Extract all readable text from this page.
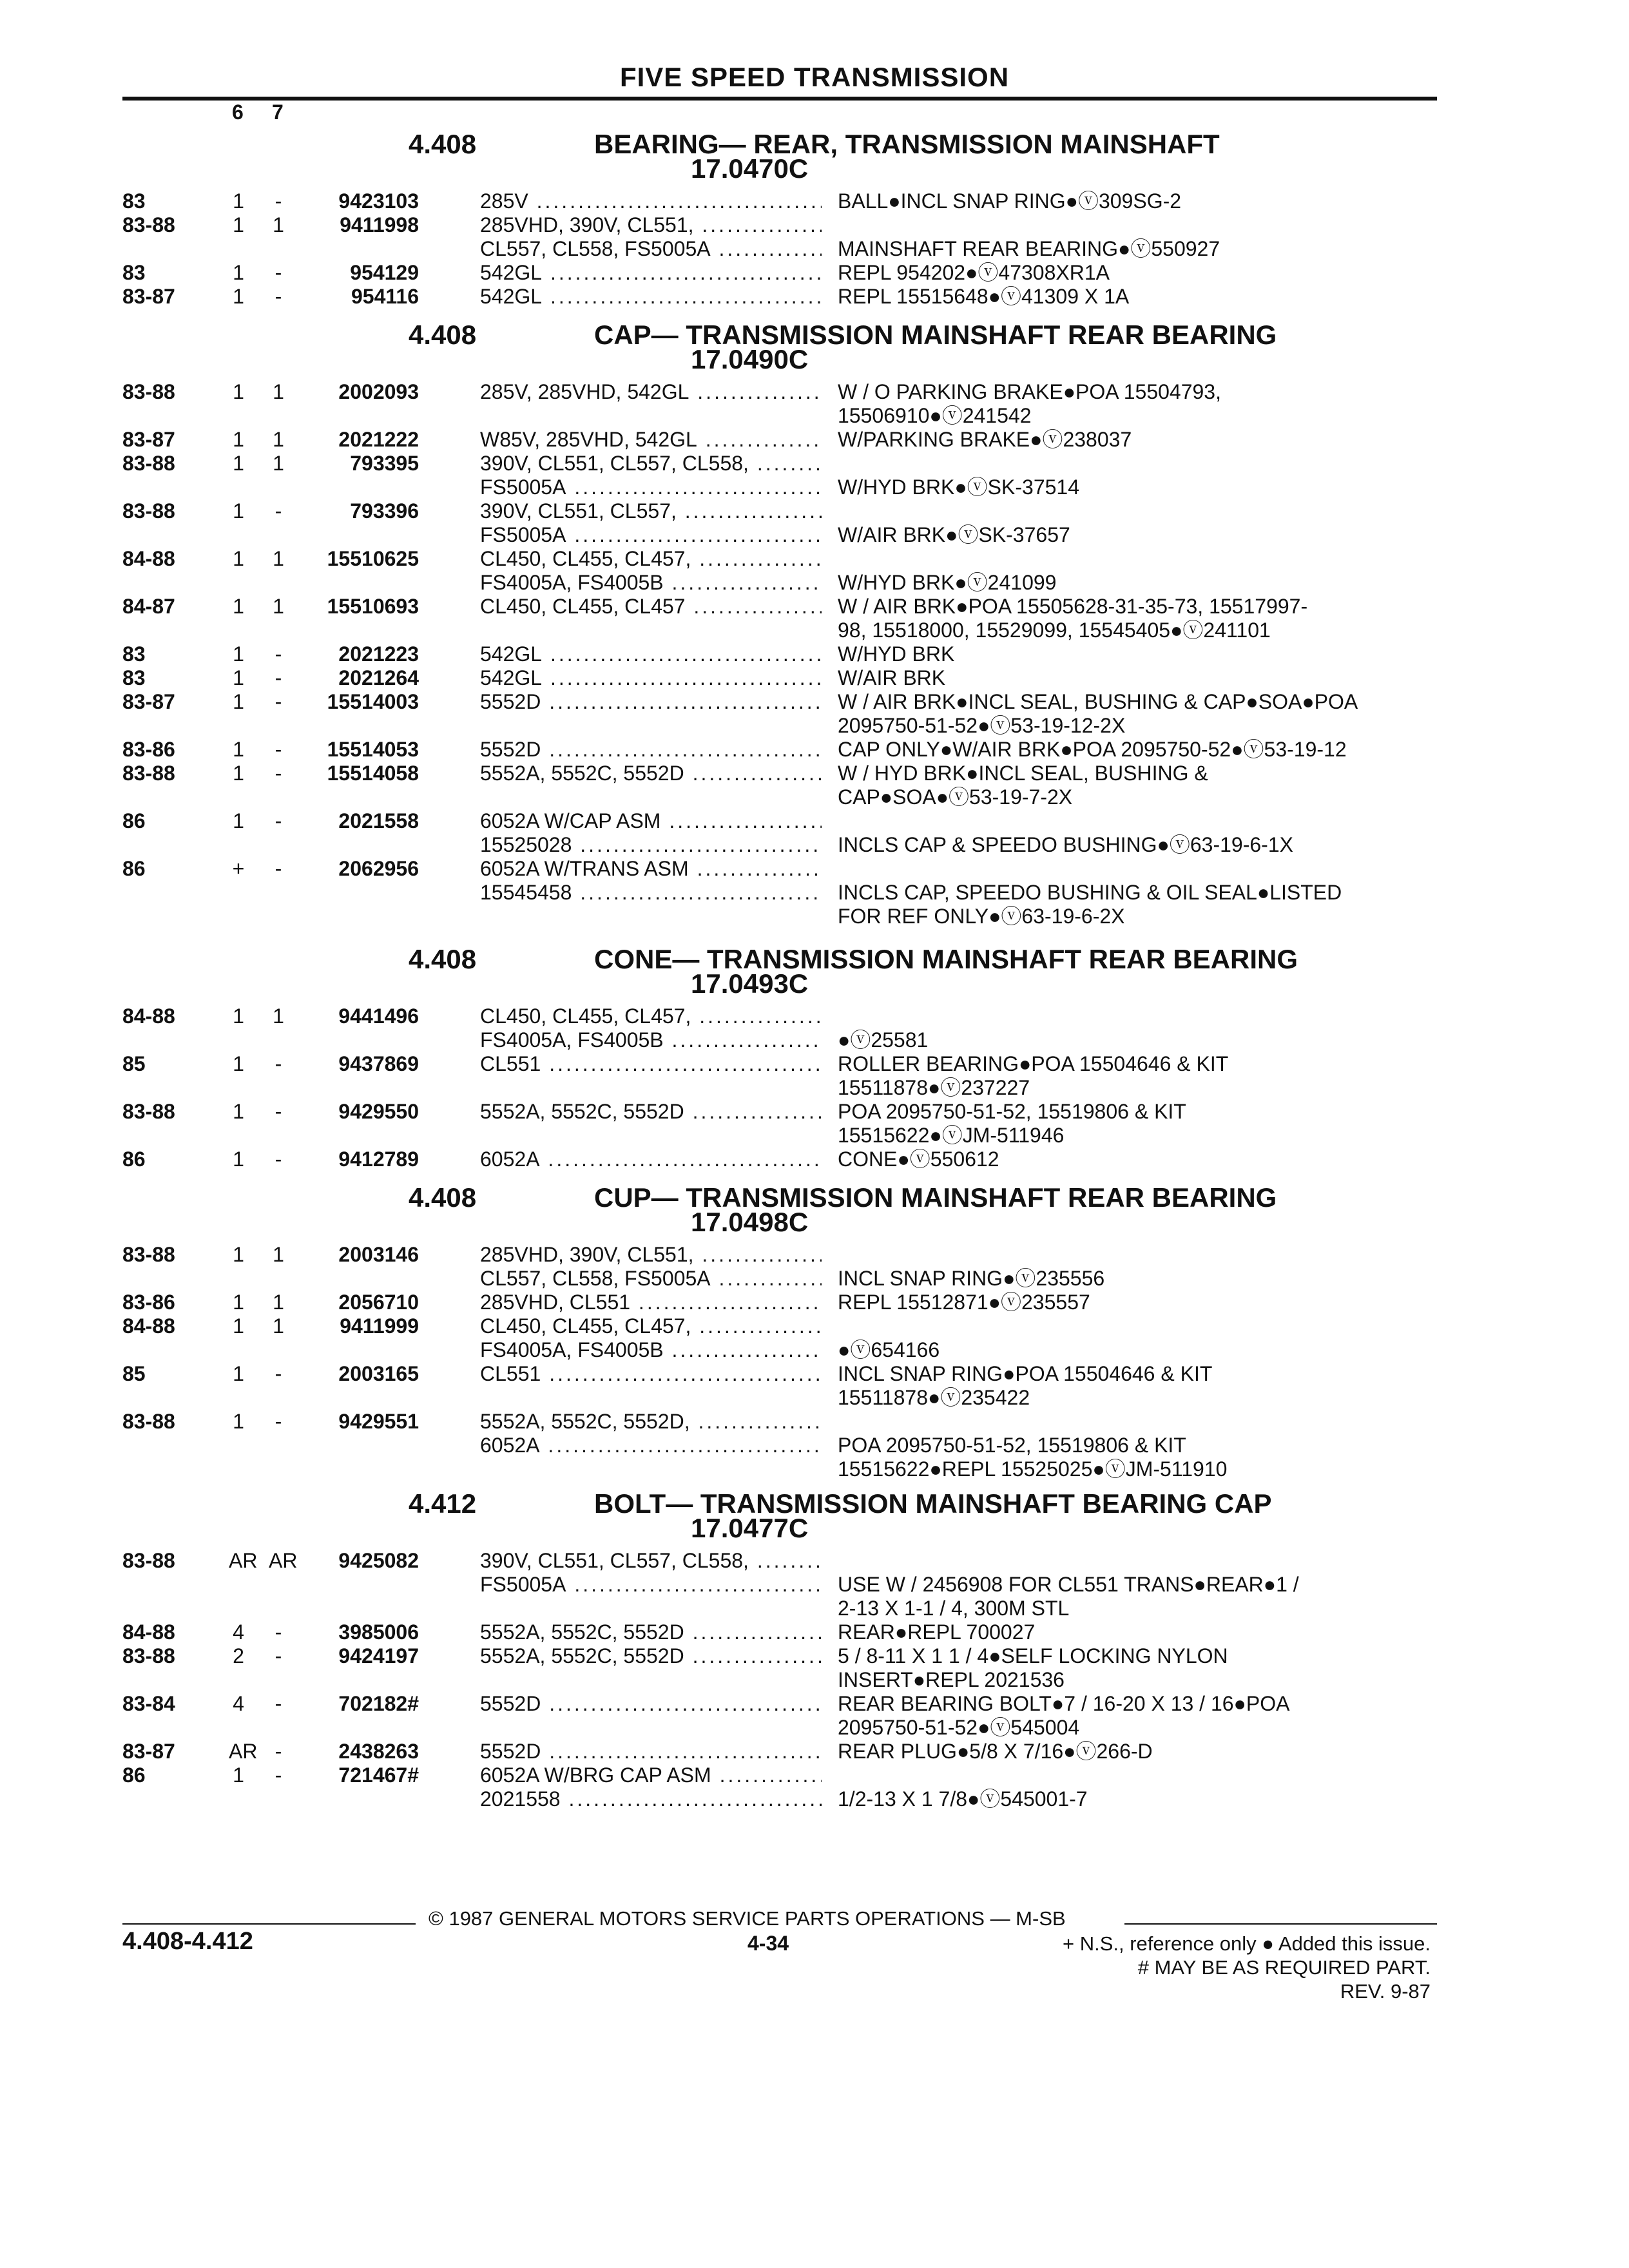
FIVE SPEED TRANSMISSION
6 7
4.408	BEARING— REAR, TRANSMISSION MAINSHAFT
17.0470C
83	1	-	9423103	285V .....	BALL●INCL SNAP RING●ⓥ309SG-2
83-88	1 1	9411998	285VHD, 390V, CL551, .....
CL557, CL558, FS5005A .....	MAINSHAFT REAR BEARING●ⓥ550927
83	1	-	954129	542GL .....	REPL 954202●ⓥ47308XR1A
83-87	1	-	954116	542GL .....	REPL 15515648●ⓥ41309 X 1A
4.408	CAP— TRANSMISSION MAINSHAFT REAR BEARING
17.0490C
83-88	1 1	2002093	285V, 285VHD, 542GL .....	W / O PARKING BRAKE●POA 15504793,
15506910●ⓥ241542
83-87	1 1	2021222	W85V, 285VHD, 542GL .....	W/PARKING BRAKE●ⓥ238037
83-88	1 1	793395	390V, CL551, CL557, CL558, .....
FS5005A .....	W/HYD BRK●ⓥSK-37514
83-88	1	-	793396	390V, CL551, CL557, .....
FS5005A .....	W/AIR BRK●ⓥSK-37657
84-88	1 1	15510625	CL450, CL455, CL457, .....
FS4005A, FS4005B .....	W/HYD BRK●ⓥ241099
84-87	1 1	15510693	CL450, CL455, CL457 .....	W / AIR BRK●POA 15505628-31-35-73, 15517997-
98, 15518000, 15529099, 15545405●ⓥ241101
83	1	-	2021223	542GL .....	W/HYD BRK
83	1	-	2021264	542GL .....	W/AIR BRK
83-87	1	-	15514003	5552D .....	W / AIR BRK●INCL SEAL, BUSHING & CAP●SOA●POA
2095750-51-52●ⓥ53-19-12-2X
83-86	1	-	15514053	5552D .....	CAP ONLY●W/AIR BRK●POA 2095750-52●ⓥ53-19-12
83-88	1	-	15514058	5552A, 5552C, 5552D .....	W / HYD BRK●INCL SEAL, BUSHING &
CAP●SOA●ⓥ53-19-7-2X
86	1	-	2021558	6052A W/CAP ASM .....
15525028 .....	INCLS CAP & SPEEDO BUSHING●ⓥ63-19-6-1X
86	+	-	2062956	6052A W/TRANS ASM .....
15545458 .....	INCLS CAP, SPEEDO BUSHING & OIL SEAL●LISTED
FOR REF ONLY●ⓥ63-19-6-2X
4.408	CONE— TRANSMISSION MAINSHAFT REAR BEARING
17.0493C
84-88	1 1	9441496	CL450, CL455, CL457, .....
FS4005A, FS4005B .....	●ⓥ25581
85	1	-	9437869	CL551 .....	ROLLER BEARING●POA 15504646 & KIT
15511878●ⓥ237227
83-88	1	-	9429550	5552A, 5552C, 5552D .....	POA 2095750-51-52, 15519806 & KIT
15515622●ⓥJM-511946
86	1	-	9412789	6052A .....	CONE●ⓥ550612
4.408	CUP— TRANSMISSION MAINSHAFT REAR BEARING
17.0498C
83-88	1 1	2003146	285VHD, 390V, CL551, .....
CL557, CL558, FS5005A .....	INCL SNAP RING●ⓥ235556
83-86	1 1	2056710	285VHD, CL551 .....	REPL 15512871●ⓥ235557
84-88	1 1	9411999	CL450, CL455, CL457, .....
FS4005A, FS4005B .....	●ⓥ654166
85	1	-	2003165	CL551 .....	INCL SNAP RING●POA 15504646 & KIT
15511878●ⓥ235422
83-88	1	-	9429551	5552A, 5552C, 5552D, .....
6052A .....	POA 2095750-51-52, 15519806 & KIT
15515622●REPL 15525025●ⓥJM-511910
4.412	BOLT— TRANSMISSION MAINSHAFT BEARING CAP
17.0477C
83-88	AR AR	9425082	390V, CL551, CL557, CL558, .....
FS5005A .....	USE W / 2456908 FOR CL551 TRANS●REAR●1 /
2-13 X 1-1 / 4, 300M STL
84-88	4	-	3985006	5552A, 5552C, 5552D .....	REAR●REPL 700027
83-88	2	-	9424197	5552A, 5552C, 5552D .....	5 / 8-11 X 1 1 / 4●SELF LOCKING NYLON
INSERT●REPL 2021536
83-84	4	-	702182#	5552D .....	REAR BEARING BOLT●7 / 16-20 X 13 / 16●POA
2095750-51-52●ⓥ545004
83-87	AR -	2438263	5552D .....	REAR PLUG●5/8 X 7/16●ⓥ266-D
86	1	-	721467#	6052A W/BRG CAP ASM .....
2021558 .....	1/2-13 X 1 7/8●ⓥ545001-7
© 1987 GENERAL MOTORS SERVICE PARTS OPERATIONS — M-SB
4.408-4.412	4-34	+ N.S., reference only ● Added this issue.
# MAY BE AS REQUIRED PART.
REV. 9-87
